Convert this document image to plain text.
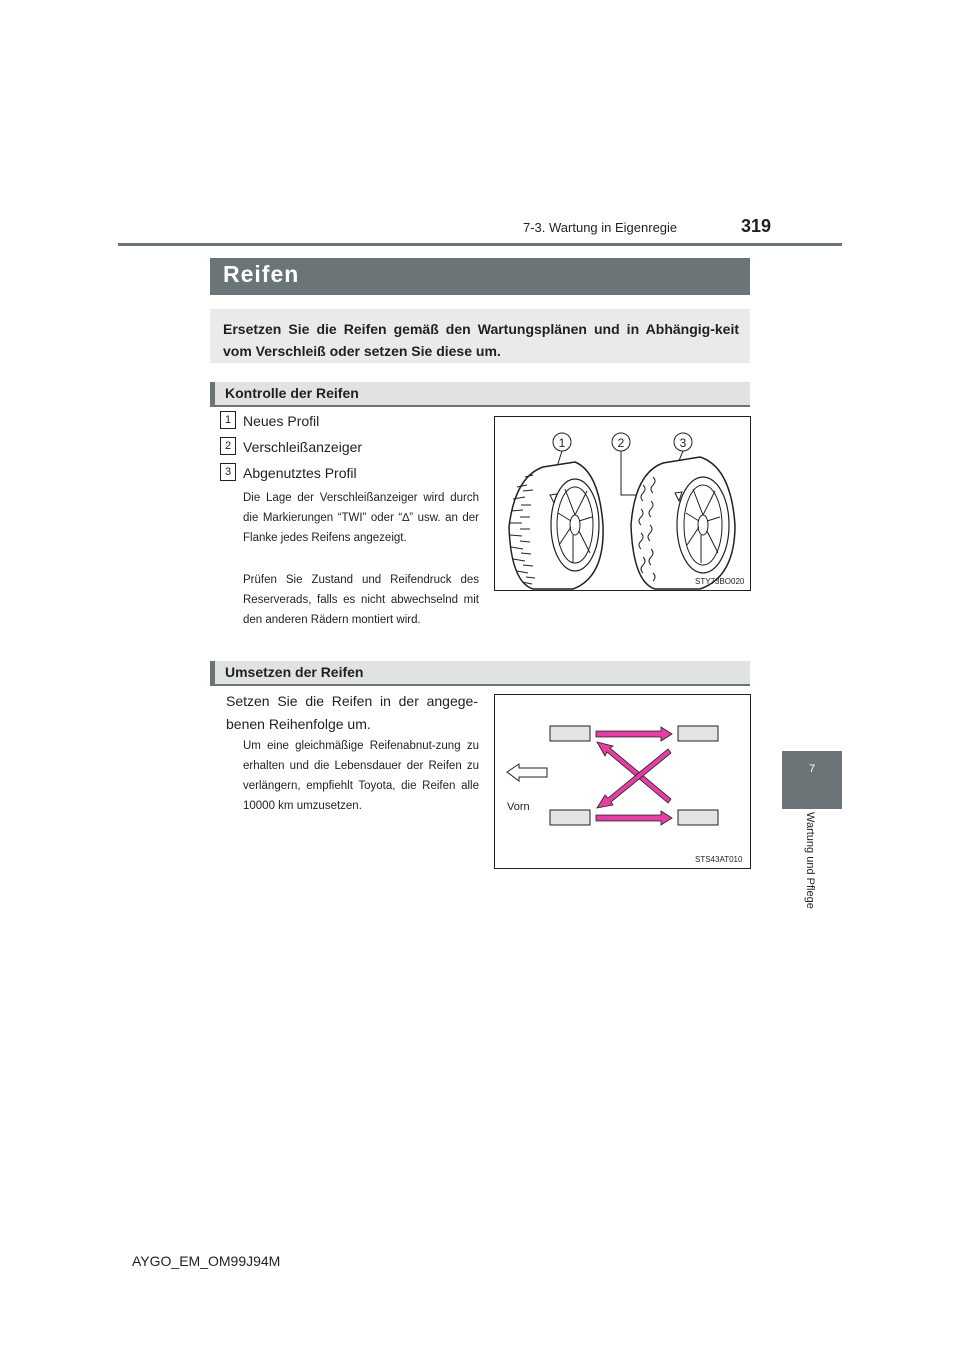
7-3. Wartung in Eigenregie	319
7
Wartung und Pflege
Reifen

Ersetzen Sie die Reifen gemäß den Wartungsplänen und in Abhängig-keit vom Verschleiß oder setzen Sie diese um.

Kontrolle der Reifen
1 Neues Profil
2 Verschleißanzeiger
3 Abgenutztes Profil
Die Lage der Verschleißanzeiger wird durch die Markierungen “TWI” oder “∆” usw. an der Flanke jedes Reifens angezeigt.
Prüfen Sie Zustand und Reifendruck des Reserverads, falls es nicht abwechselnd mit den anderen Rädern montiert wird.
1	2	3
STY73BO020
Umsetzen der Reifen
Setzen Sie die Reifen in der angege-benen Reihenfolge um.
Um eine gleichmäßige Reifenabnut-zung zu erhalten und die Lebensdauer der Reifen zu verlängern, empfiehlt Toyota, die Reifen alle 10000 km umzusetzen.	Vorn
STS43AT010
AYGO_EM_OM99J94M
